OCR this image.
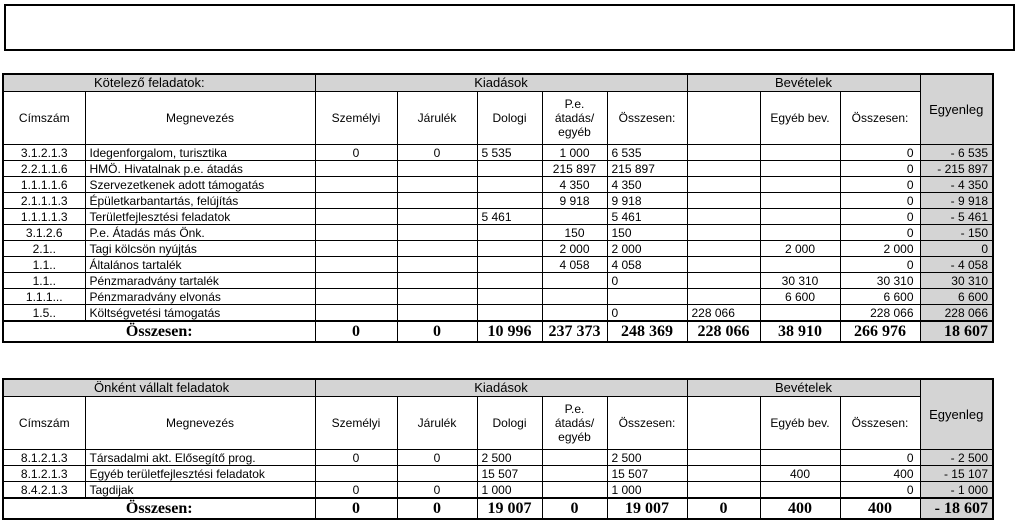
Kötelező feladatok:		Kiadások					Bevételek			Egyenleg
Címszám	Megnevezés	Személyi	Járulék	Dologi	P.e. átadás/ egyéb	Összesen:		Egyéb bev.	Összesen:	
3.1.2.1.3	Idegenforgalom, turisztika	0	0	5 535	1 000	6 535			0	- 6 535
2.2.1.1.6	HMÖ. Hivatalnak p.e. átadás				215 897	215 897			0	- 215 897
1.1.1.1.6	Szervezetkenek adott támogatás				4 350	4 350			0	- 4 350
2.1.1.1.3	Épületkarbantartás, felújítás				9 918	9 918			0	- 9 918
1.1.1.1.3	Területfejlesztési feladatok			5 461		5 461			0	- 5 461
3.1.2.6	P.e. Átadás más Önk.				150	150			0	- 150
2.1..	Tagi kölcsön nyújtás				2 000	2 000		2 000	2 000	0
1.1..	Általános tartalék				4 058	4 058			0	- 4 058
1.1..	Pénzmaradvány tartalék					0		30 310	30 310	30 310
1.1.1...	Pénzmaradvány elvonás							6 600	6 600	6 600
1.5..	Költségvetési támogatás					0	228 066		228 066	228 066
Összesen:		0	0	10 996	237 373	248 369	228 066	38 910	266 976	18 607
Önként vállalt feladatok		Kiadások					Bevételek			Egyenleg
Címszám	Megnevezés	Személyi	Járulék	Dologi	P.e. átadás/ egyéb	Összesen:		Egyéb bev.	Összesen:	
8.1.2.1.3	Társadalmi akt. Elősegítő prog.	0	0	2 500		2 500			0	- 2 500
8.1.2.1.3	Egyéb területfejlesztési feladatok			15 507		15 507		400	400	- 15 107
8.4.2.1.3	Tagdijak	0	0	1 000		1 000			0	- 1 000
Összesen:		0	0	19 007	0	19 007	0	400	400	- 18 607
